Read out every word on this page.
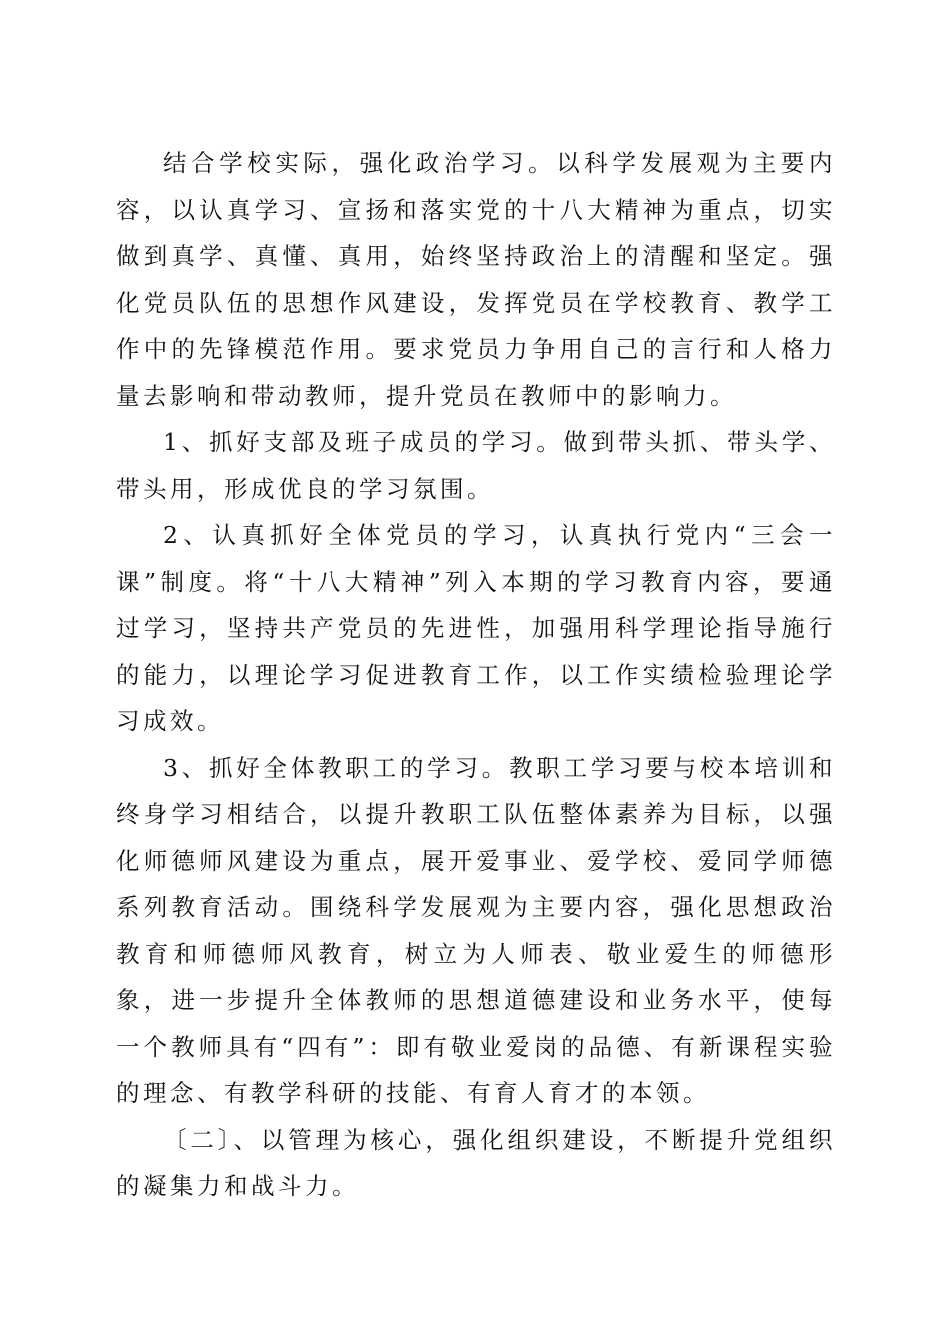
结合学校实际，强化政治学习。以科学发展观为主要内容，以认真学习、宣扬和落实党的十八大精神为重点，切实做到真学、真懂、真用，始终坚持政治上的清醒和坚定。强化党员队伍的思想作风建设，发挥党员在学校教育、教学工作中的先锋模范作用。要求党员力争用自己的言行和人格力量去影响和带动教师，提升党员在教师中的影响力。

1、抓好支部及班子成员的学习。做到带头抓、带头学、带头用，形成优良的学习氛围。

2、认真抓好全体党员的学习，认真执行党内“三会一课”制度。将“十八大精神”列入本期的学习教育内容，要通过学习，坚持共产党员的先进性，加强用科学理论指导施行的能力，以理论学习促进教育工作，以工作实绩检验理论学习成效。

3、抓好全体教职工的学习。教职工学习要与校本培训和终身学习相结合，以提升教职工队伍整体素养为目标，以强化师德师风建设为重点，展开爱事业、爱学校、爱同学师德系列教育活动。围绕科学发展观为主要内容，强化思想政治教育和师德师风教育，树立为人师表、敬业爱生的师德形象，进一步提升全体教师的思想道德建设和业务水平，使每一个教师具有“四有”：即有敬业爱岗的品德、有新课程实验的理念、有教学科研的技能、有育人育才的本领。

〔二〕、以管理为核心，强化组织建设，不断提升党组织的凝集力和战斗力。
